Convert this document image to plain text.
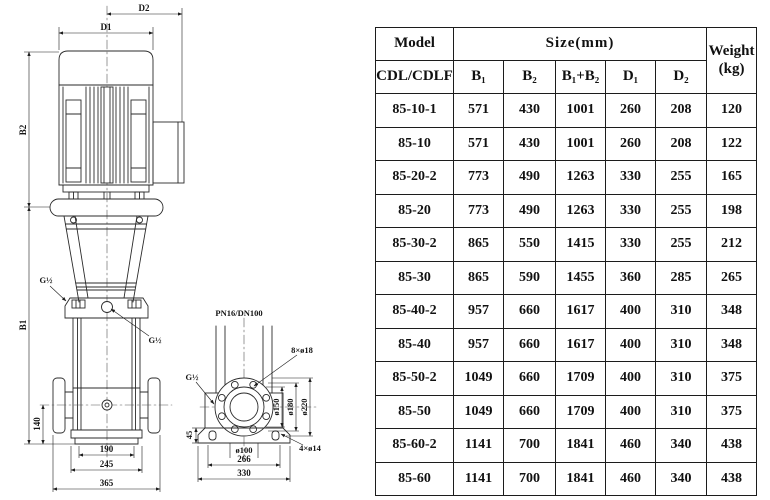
D2
D1
B2
B1
140
190
245
365
G½
G½
PN16/DN100
8×ø18
G½
ø150 ø180 ø220
45
ø100	4×ø14
266
330
Model	Size(mm)					Weight
(kg)

CDL/CDLF	B₁	B₂	B₁+B₂	D₁	D₂	
85-10-1	571	430	1001	260	208	120
85-10	571	430	1001	260	208	122
85-20-2	773	490	1263	330	255	165
85-20	773	490	1263	330	255	198
85-30-2	865	550	1415	330	255	212
85-30	865	590	1455	360	285	265
85-40-2	957	660	1617	400	310	348
85-40	957	660	1617	400	310	348
85-50-2	1049	660	1709	400	310	375
85-50	1049	660	1709	400	310	375
85-60-2	1141	700	1841	460	340	438
85-60	1141	700	1841	460	340	438
